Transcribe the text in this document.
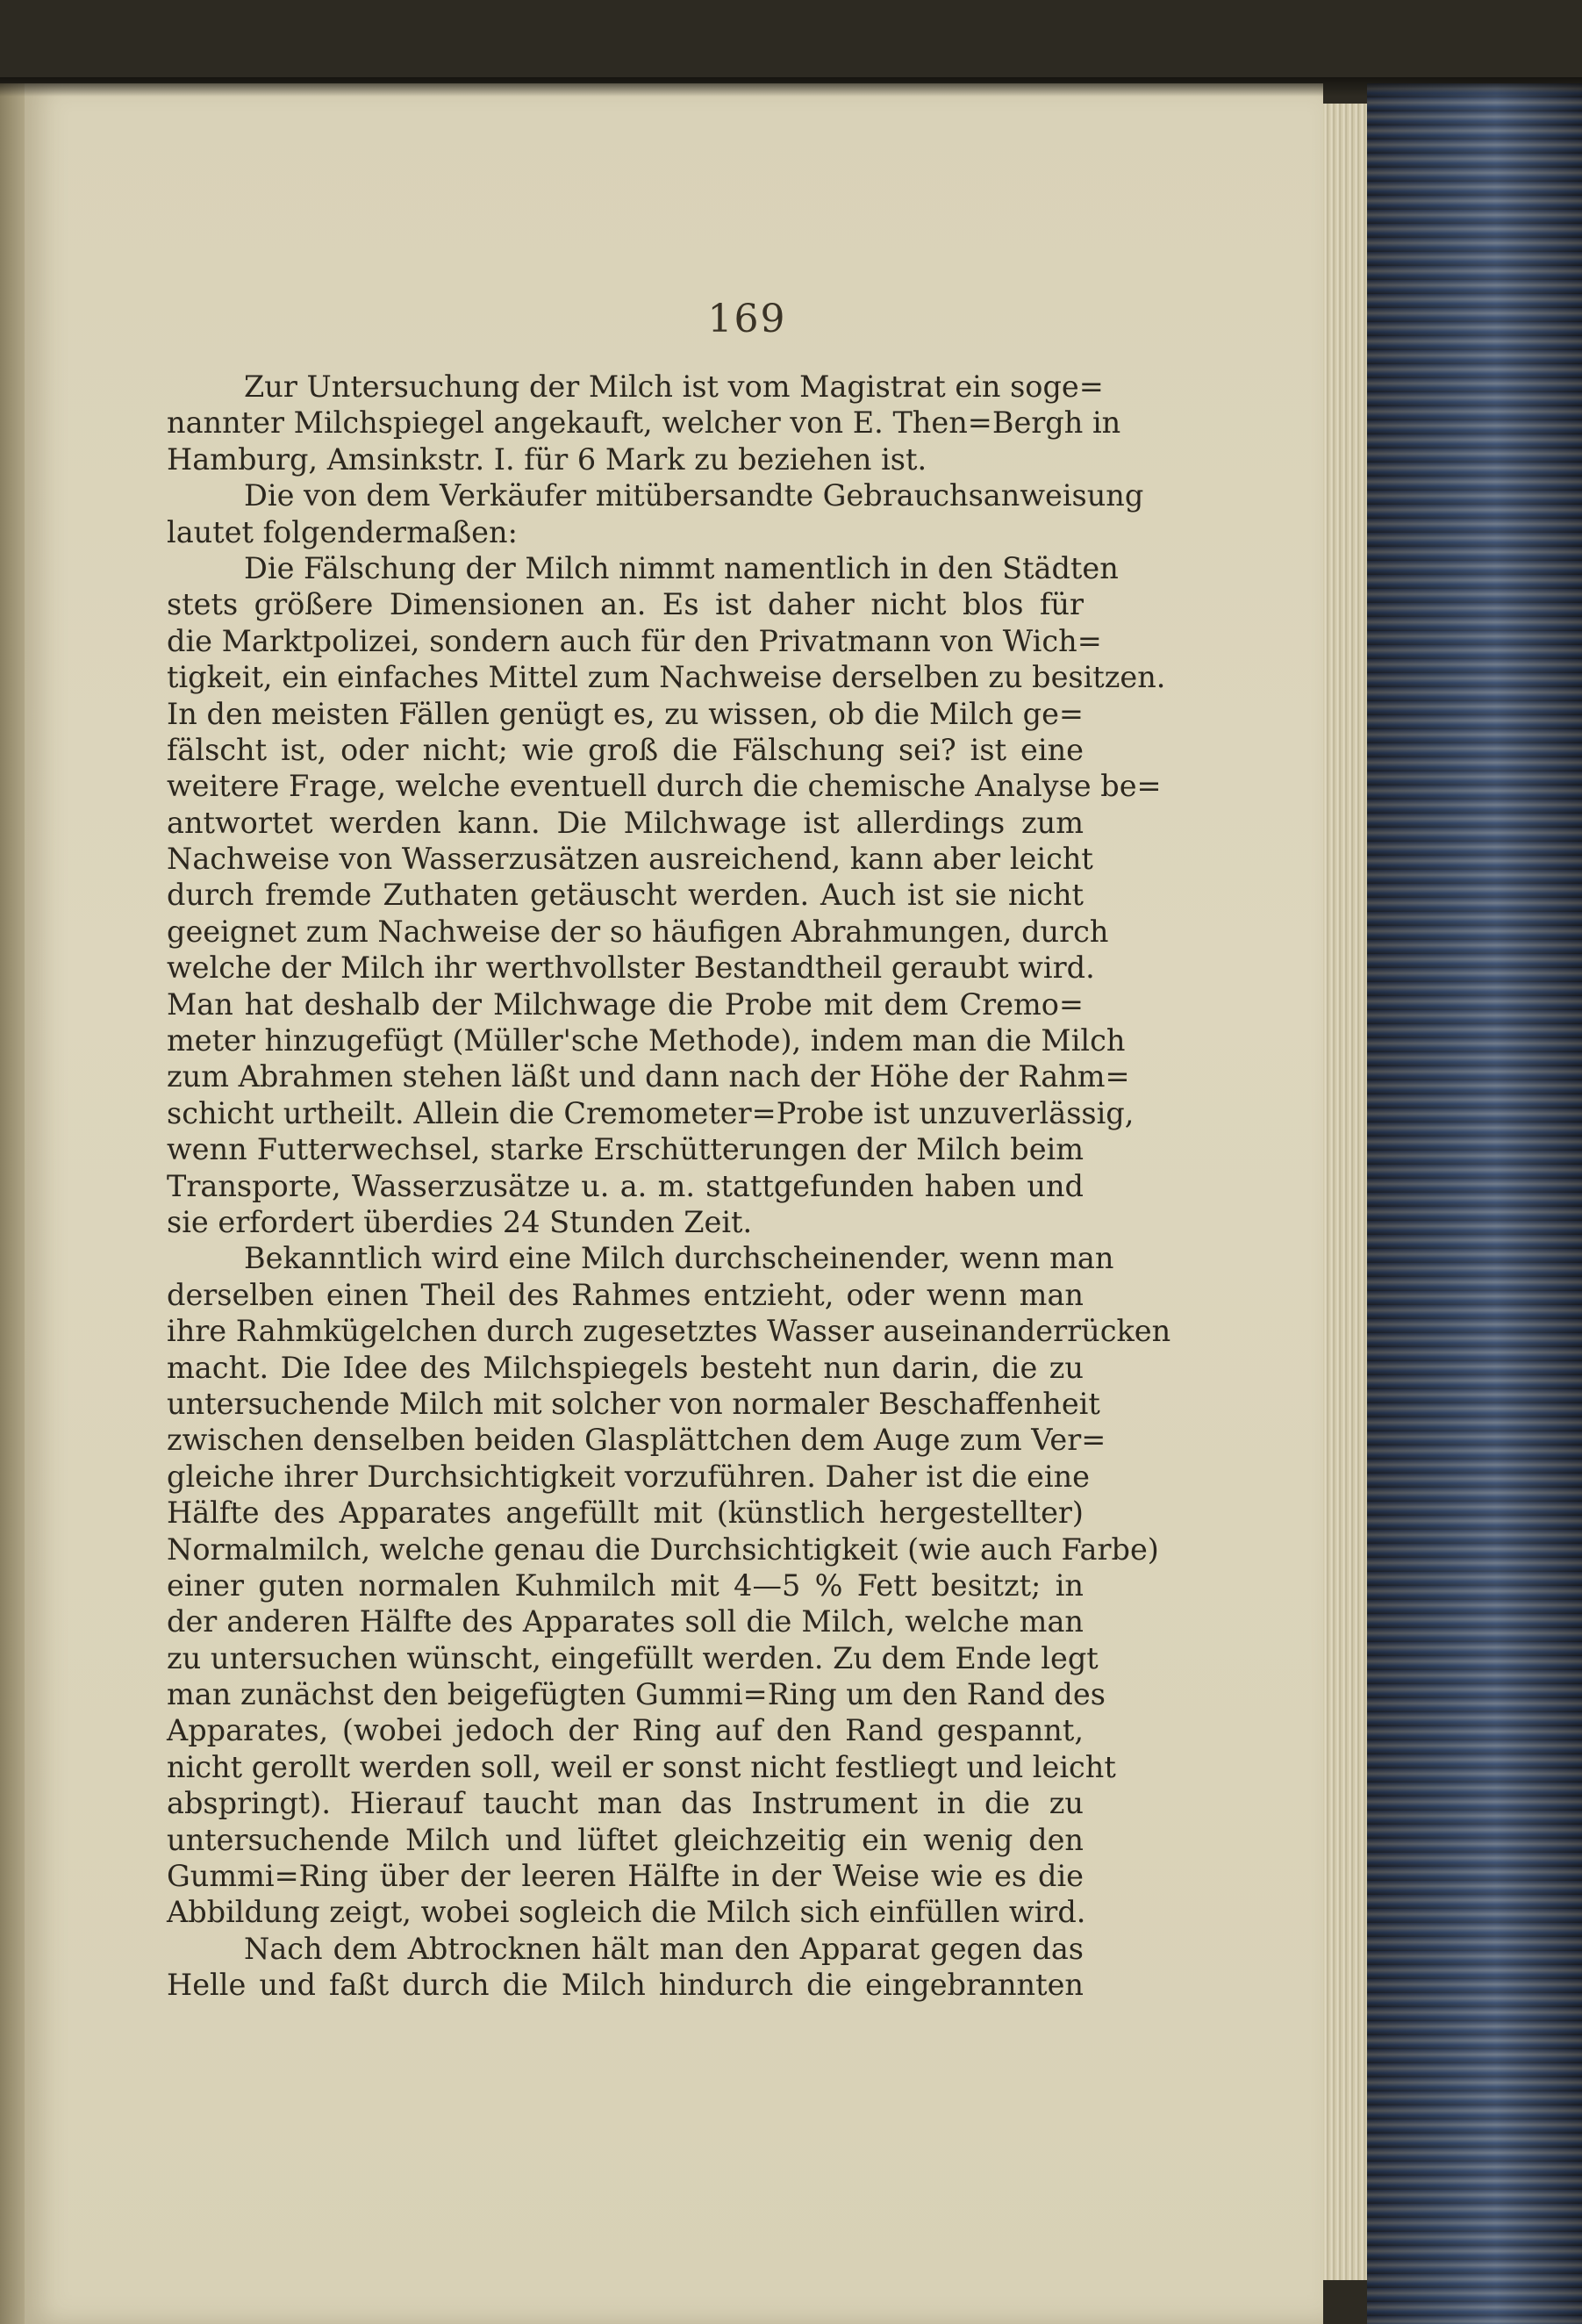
169
Zur Untersuchung der Milch ist vom Magistrat ein soge=
nannter Milchspiegel angekauft, welcher von E. Then=Bergh in
Hamburg, Amsinkstr. I. für 6 Mark zu beziehen ist.
Die von dem Verkäufer mitübersandte Gebrauchsanweisung
lautet folgendermaßen:
Die Fälschung der Milch nimmt namentlich in den Städten
stets größere Dimensionen an. Es ist daher nicht blos für
die Marktpolizei, sondern auch für den Privatmann von Wich=
tigkeit, ein einfaches Mittel zum Nachweise derselben zu besitzen.
In den meisten Fällen genügt es, zu wissen, ob die Milch ge=
fälscht ist, oder nicht; wie groß die Fälschung sei? ist eine
weitere Frage, welche eventuell durch die chemische Analyse be=
antwortet werden kann. Die Milchwage ist allerdings zum
Nachweise von Wasserzusätzen ausreichend, kann aber leicht
durch fremde Zuthaten getäuscht werden. Auch ist sie nicht
geeignet zum Nachweise der so häufigen Abrahmungen, durch
welche der Milch ihr werthvollster Bestandtheil geraubt wird.
Man hat deshalb der Milchwage die Probe mit dem Cremo=
meter hinzugefügt (Müller'sche Methode), indem man die Milch
zum Abrahmen stehen läßt und dann nach der Höhe der Rahm=
schicht urtheilt. Allein die Cremometer=Probe ist unzuverlässig,
wenn Futterwechsel, starke Erschütterungen der Milch beim
Transporte, Wasserzusätze u. a. m. stattgefunden haben und
sie erfordert überdies 24 Stunden Zeit.
Bekanntlich wird eine Milch durchscheinender, wenn man
derselben einen Theil des Rahmes entzieht, oder wenn man
ihre Rahmkügelchen durch zugesetztes Wasser auseinanderrücken
macht. Die Idee des Milchspiegels besteht nun darin, die zu
untersuchende Milch mit solcher von normaler Beschaffenheit
zwischen denselben beiden Glasplättchen dem Auge zum Ver=
gleiche ihrer Durchsichtigkeit vorzuführen. Daher ist die eine
Hälfte des Apparates angefüllt mit (künstlich hergestellter)
Normalmilch, welche genau die Durchsichtigkeit (wie auch Farbe)
einer guten normalen Kuhmilch mit 4—5 % Fett besitzt; in
der anderen Hälfte des Apparates soll die Milch, welche man
zu untersuchen wünscht, eingefüllt werden. Zu dem Ende legt
man zunächst den beigefügten Gummi=Ring um den Rand des
Apparates, (wobei jedoch der Ring auf den Rand gespannt,
nicht gerollt werden soll, weil er sonst nicht festliegt und leicht
abspringt). Hierauf taucht man das Instrument in die zu
untersuchende Milch und lüftet gleichzeitig ein wenig den
Gummi=Ring über der leeren Hälfte in der Weise wie es die
Abbildung zeigt, wobei sogleich die Milch sich einfüllen wird.
Nach dem Abtrocknen hält man den Apparat gegen das
Helle und faßt durch die Milch hindurch die eingebrannten
